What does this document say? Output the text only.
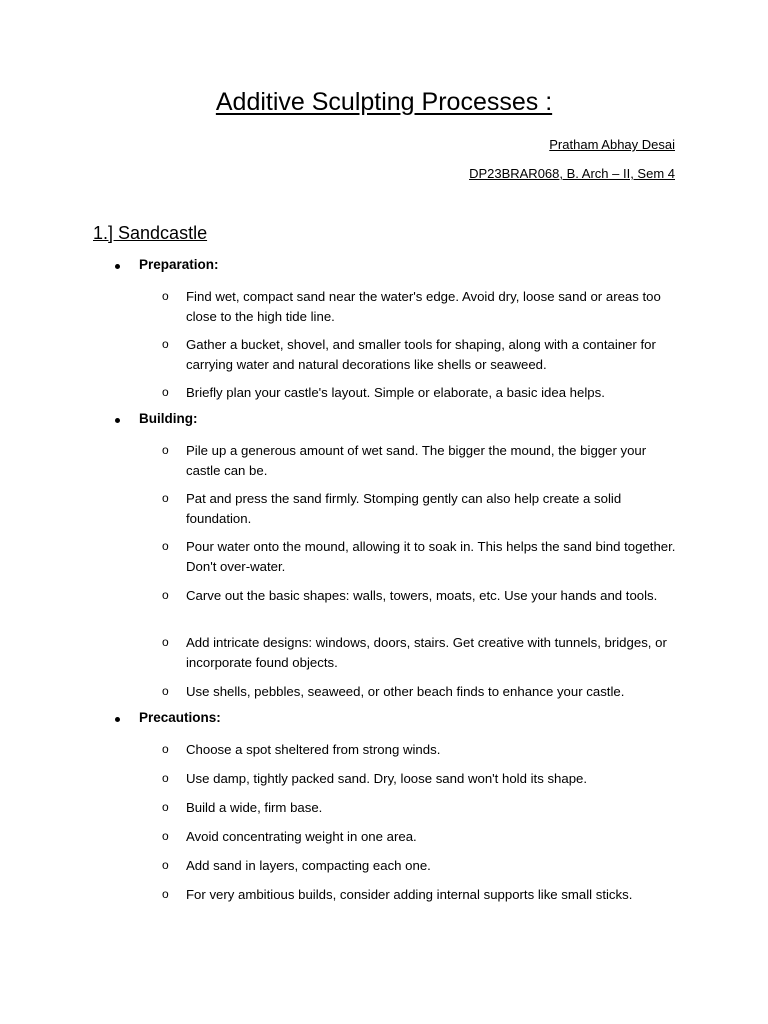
Additive Sculpting Processes :
Pratham Abhay Desai
DP23BRAR068, B. Arch – II, Sem 4
1.] Sandcastle
Preparation:
o Find wet, compact sand near the water's edge. Avoid dry, loose sand or areas too close to the high tide line.
o Gather a bucket, shovel, and smaller tools for shaping, along with a container for carrying water and natural decorations like shells or seaweed.
o Briefly plan your castle's layout. Simple or elaborate, a basic idea helps.
Building:
o Pile up a generous amount of wet sand. The bigger the mound, the bigger your castle can be.
o Pat and press the sand firmly. Stomping gently can also help create a solid foundation.
o Pour water onto the mound, allowing it to soak in. This helps the sand bind together. Don't over-water.
o Carve out the basic shapes: walls, towers, moats, etc. Use your hands and tools.
o Add intricate designs: windows, doors, stairs. Get creative with tunnels, bridges, or incorporate found objects.
o Use shells, pebbles, seaweed, or other beach finds to enhance your castle.
Precautions:
o Choose a spot sheltered from strong winds.
o Use damp, tightly packed sand. Dry, loose sand won't hold its shape.
o Build a wide, firm base.
o Avoid concentrating weight in one area.
o Add sand in layers, compacting each one.
o For very ambitious builds, consider adding internal supports like small sticks.
